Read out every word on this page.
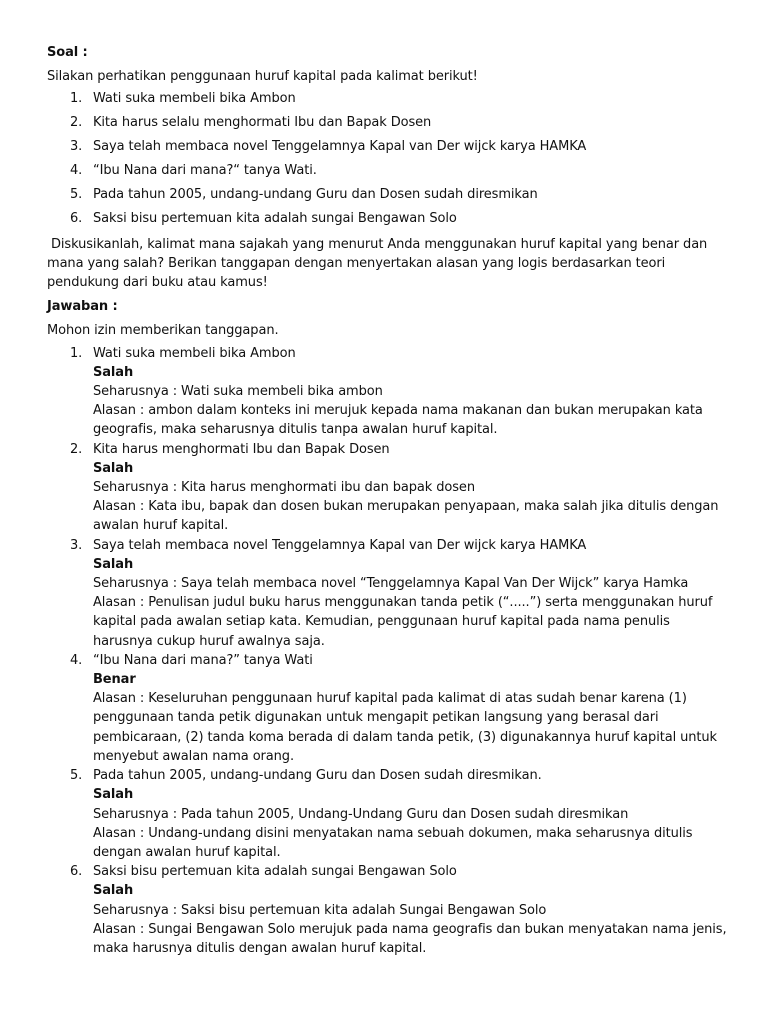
Soal :

Silakan perhatikan penggunaan huruf kapital pada kalimat berikut!

1. Wati suka membeli bika Ambon
2. Kita harus selalu menghormati Ibu dan Bapak Dosen
3. Saya telah membaca novel Tenggelamnya Kapal van Der wijck karya HAMKA
4. “Ibu Nana dari mana?“ tanya Wati.
5. Pada tahun 2005, undang-undang Guru dan Dosen sudah diresmikan
6. Saksi bisu pertemuan kita adalah sungai Bengawan Solo

Diskusikanlah, kalimat mana sajakah yang menurut Anda menggunakan huruf kapital yang benar dan mana yang salah? Berikan tanggapan dengan menyertakan alasan yang logis berdasarkan teori pendukung dari buku atau kamus!

Jawaban :

Mohon izin memberikan tanggapan.

1. Wati suka membeli bika Ambon
Salah
Seharusnya : Wati suka membeli bika ambon
Alasan : ambon dalam konteks ini merujuk kepada nama makanan dan bukan merupakan kata geografis, maka seharusnya ditulis tanpa awalan huruf kapital.
2. Kita harus menghormati Ibu dan Bapak Dosen
Salah
Seharusnya : Kita harus menghormati ibu dan bapak dosen
Alasan : Kata ibu, bapak dan dosen bukan merupakan penyapaan, maka salah jika ditulis dengan awalan huruf kapital.
3. Saya telah membaca novel Tenggelamnya Kapal van Der wijck karya HAMKA
Salah
Seharusnya : Saya telah membaca novel “Tenggelamnya Kapal Van Der Wijck” karya Hamka
Alasan : Penulisan judul buku harus menggunakan tanda petik (“.....”) serta menggunakan huruf kapital pada awalan setiap kata. Kemudian, penggunaan huruf kapital pada nama penulis harusnya cukup huruf awalnya saja.
4. “Ibu Nana dari mana?” tanya Wati
Benar
Alasan : Keseluruhan penggunaan huruf kapital pada kalimat di atas sudah benar karena (1) penggunaan tanda petik digunakan untuk mengapit petikan langsung yang berasal dari pembicaraan, (2) tanda koma berada di dalam tanda petik, (3) digunakannya huruf kapital untuk menyebut awalan nama orang.
5. Pada tahun 2005, undang-undang Guru dan Dosen sudah diresmikan.
Salah
Seharusnya : Pada tahun 2005, Undang-Undang Guru dan Dosen sudah diresmikan
Alasan : Undang-undang disini menyatakan nama sebuah dokumen, maka seharusnya ditulis dengan awalan huruf kapital.
6. Saksi bisu pertemuan kita adalah sungai Bengawan Solo
Salah
Seharusnya : Saksi bisu pertemuan kita adalah Sungai Bengawan Solo
Alasan : Sungai Bengawan Solo merujuk pada nama geografis dan bukan menyatakan nama jenis, maka harusnya ditulis dengan awalan huruf kapital.
